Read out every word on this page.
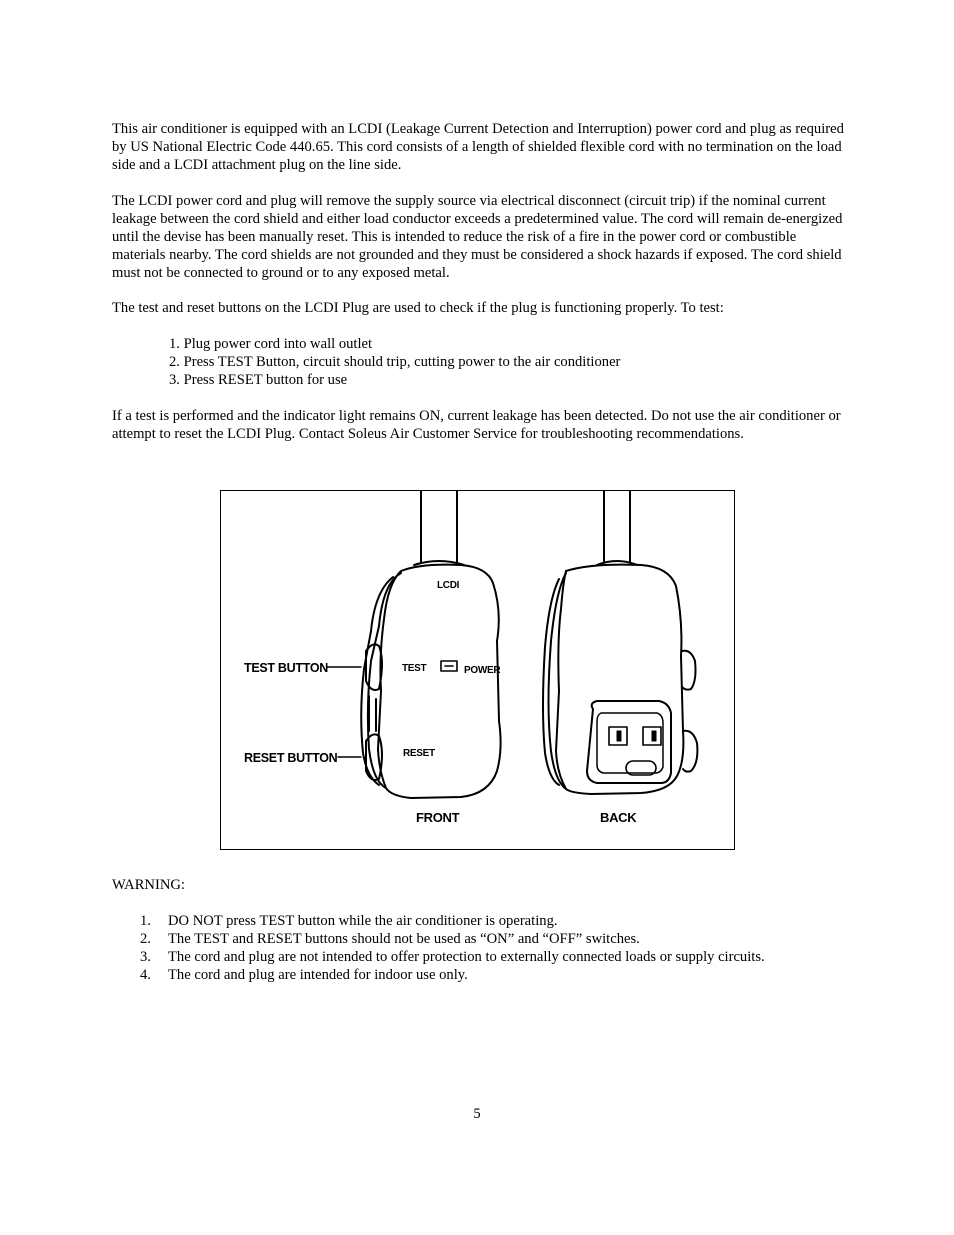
This air conditioner is equipped with an LCDI (Leakage Current Detection and Interruption) power cord and plug as required by US National Electric Code 440.65. This cord consists of a length of shielded flexible cord with no termination on the load side and a LCDI attachment plug on the line side.

The LCDI power cord and plug will remove the supply source via electrical disconnect (circuit trip) if the nominal current leakage between the cord shield and either load conductor exceeds a predetermined value. The cord will remain de-energized until the devise has been manually reset. This is intended to reduce the risk of a fire in the power cord or combustible materials nearby. The cord shields are not grounded and they must be considered a shock hazards if exposed. The cord shield must not be connected to ground or to any exposed metal.

The test and reset buttons on the LCDI Plug are used to check if the plug is functioning properly. To test:

1. Plug power cord into wall outlet
2. Press TEST Button, circuit should trip, cutting power to the air conditioner
3. Press RESET button for use

If a test is performed and the indicator light remains ON, current leakage has been detected. Do not use the air conditioner or attempt to reset the LCDI Plug. Contact Soleus Air Customer Service for troubleshooting recommendations.

LCDI
TEST	POWER
RESET
TEST BUTTON
RESET BUTTON
FRONT	BACK

WARNING:

1. DO NOT press TEST button while the air conditioner is operating.
2. The TEST and RESET buttons should not be used as “ON” and “OFF” switches.
3. The cord and plug are not intended to offer protection to externally connected loads or supply circuits.
4. The cord and plug are intended for indoor use only.
5
